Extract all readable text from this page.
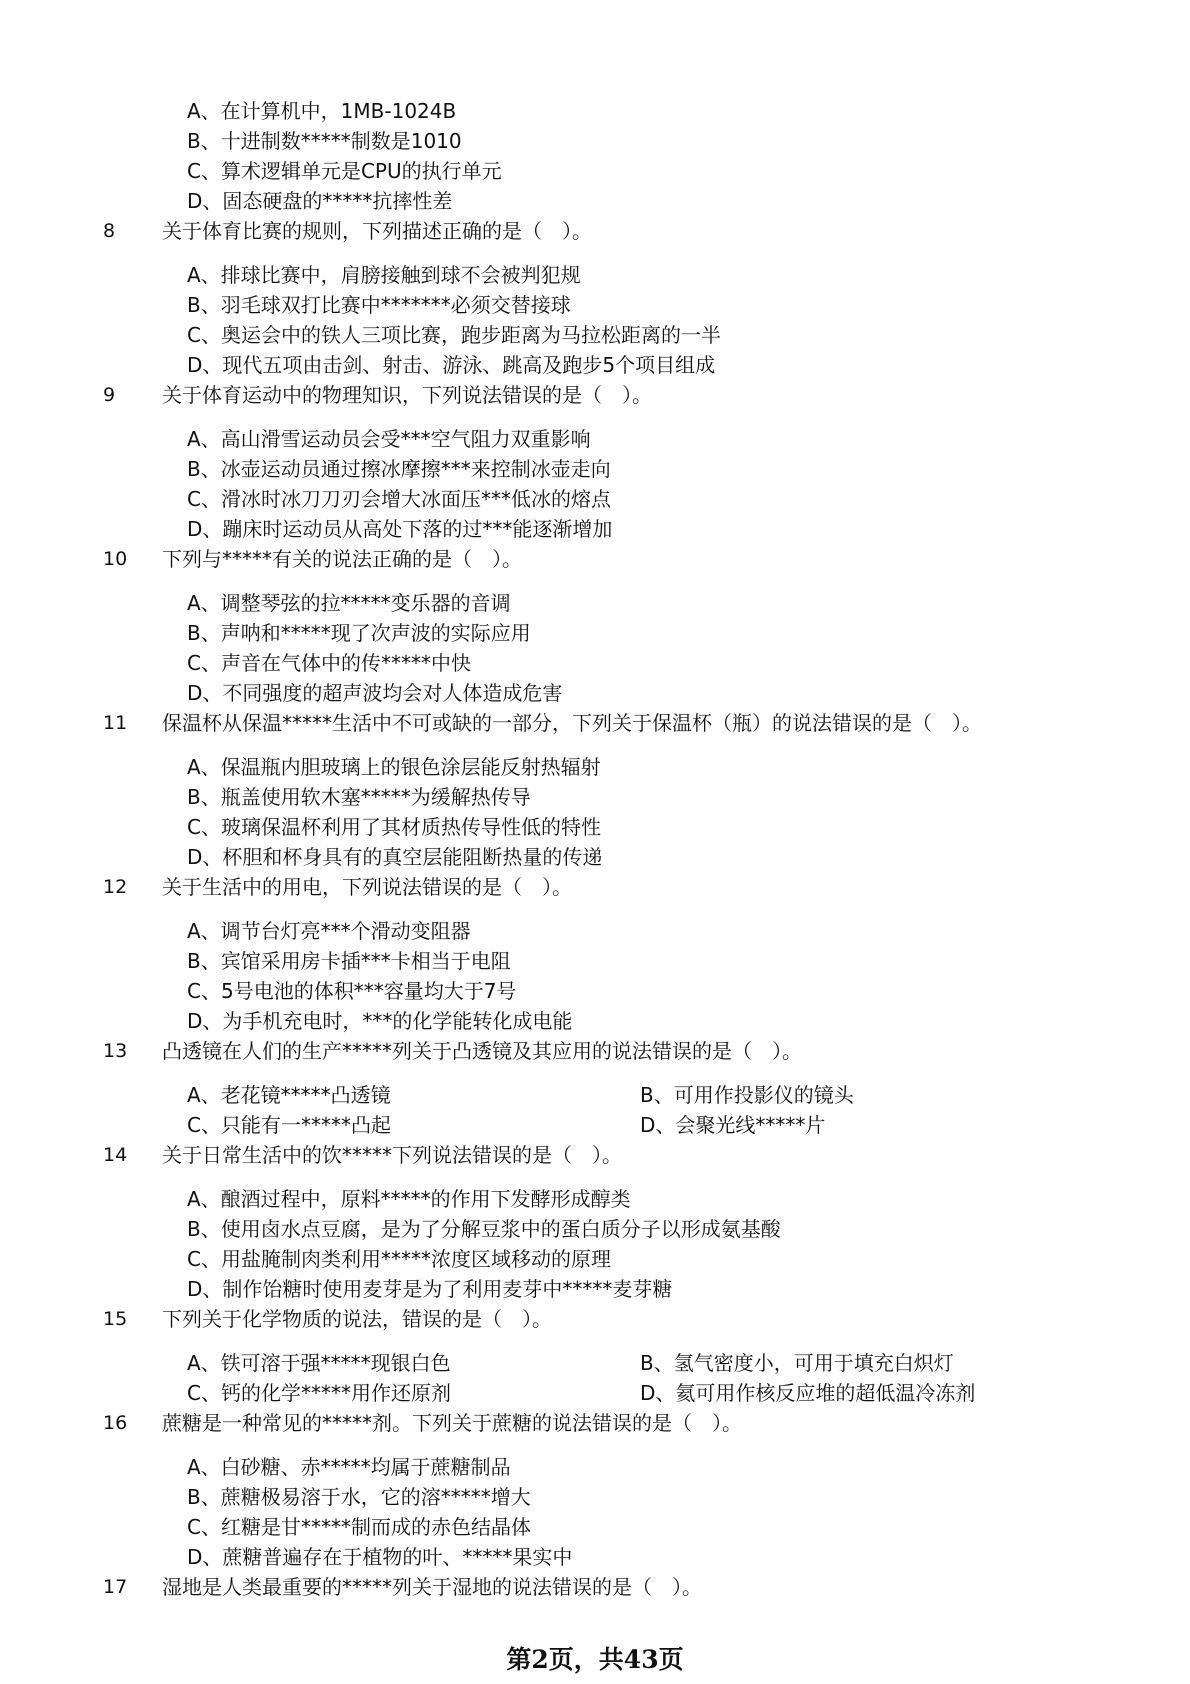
A、在计算机中，1MB-1024B
B、十进制数*****制数是1010
C、算术逻辑单元是CPU的执行单元
D、固态硬盘的*****抗摔性差
8 关于体育比赛的规则，下列描述正确的是（　）。
A、排球比赛中，肩膀接触到球不会被判犯规
B、羽毛球双打比赛中*******必须交替接球
C、奥运会中的铁人三项比赛，跑步距离为马拉松距离的一半
D、现代五项由击剑、射击、游泳、跳高及跑步5个项目组成
9 关于体育运动中的物理知识，下列说法错误的是（　）。
A、高山滑雪运动员会受***空气阻力双重影响
B、冰壶运动员通过擦冰摩擦***来控制冰壶走向
C、滑冰时冰刀刀刃会增大冰面压***低冰的熔点
D、蹦床时运动员从高处下落的过***能逐渐增加
10 下列与*****有关的说法正确的是（　）。
A、调整琴弦的拉*****变乐器的音调
B、声呐和*****现了次声波的实际应用
C、声音在气体中的传*****中快
D、不同强度的超声波均会对人体造成危害
11 保温杯从保温*****生活中不可或缺的一部分，下列关于保温杯（瓶）的说法错误的是（　）。
A、保温瓶内胆玻璃上的银色涂层能反射热辐射
B、瓶盖使用软木塞*****为缓解热传导
C、玻璃保温杯利用了其材质热传导性低的特性
D、杯胆和杯身具有的真空层能阻断热量的传递
12 关于生活中的用电，下列说法错误的是（　）。
A、调节台灯亮***个滑动变阻器
B、宾馆采用房卡插***卡相当于电阻
C、5号电池的体积***容量均大于7号
D、为手机充电时，***的化学能转化成电能
13 凸透镜在人们的生产*****列关于凸透镜及其应用的说法错误的是（　）。
A、老花镜*****凸透镜	B、可用作投影仪的镜头
C、只能有一*****凸起	D、会聚光线*****片
14 关于日常生活中的饮*****下列说法错误的是（　）。
A、酿酒过程中，原料*****的作用下发酵形成醇类
B、使用卤水点豆腐，是为了分解豆浆中的蛋白质分子以形成氨基酸
C、用盐腌制肉类利用*****浓度区域移动的原理
D、制作饴糖时使用麦芽是为了利用麦芽中*****麦芽糖
15 下列关于化学物质的说法，错误的是（　）。
A、铁可溶于强*****现银白色	B、氢气密度小，可用于填充白炽灯
C、钙的化学*****用作还原剂	D、氦可用作核反应堆的超低温冷冻剂
16 蔗糖是一种常见的*****剂。下列关于蔗糖的说法错误的是（　）。
A、白砂糖、赤*****均属于蔗糖制品
B、蔗糖极易溶于水，它的溶*****增大
C、红糖是甘*****制而成的赤色结晶体
D、蔗糖普遍存在于植物的叶、*****果实中
17 湿地是人类最重要的*****列关于湿地的说法错误的是（　）。
第2页，共43页
